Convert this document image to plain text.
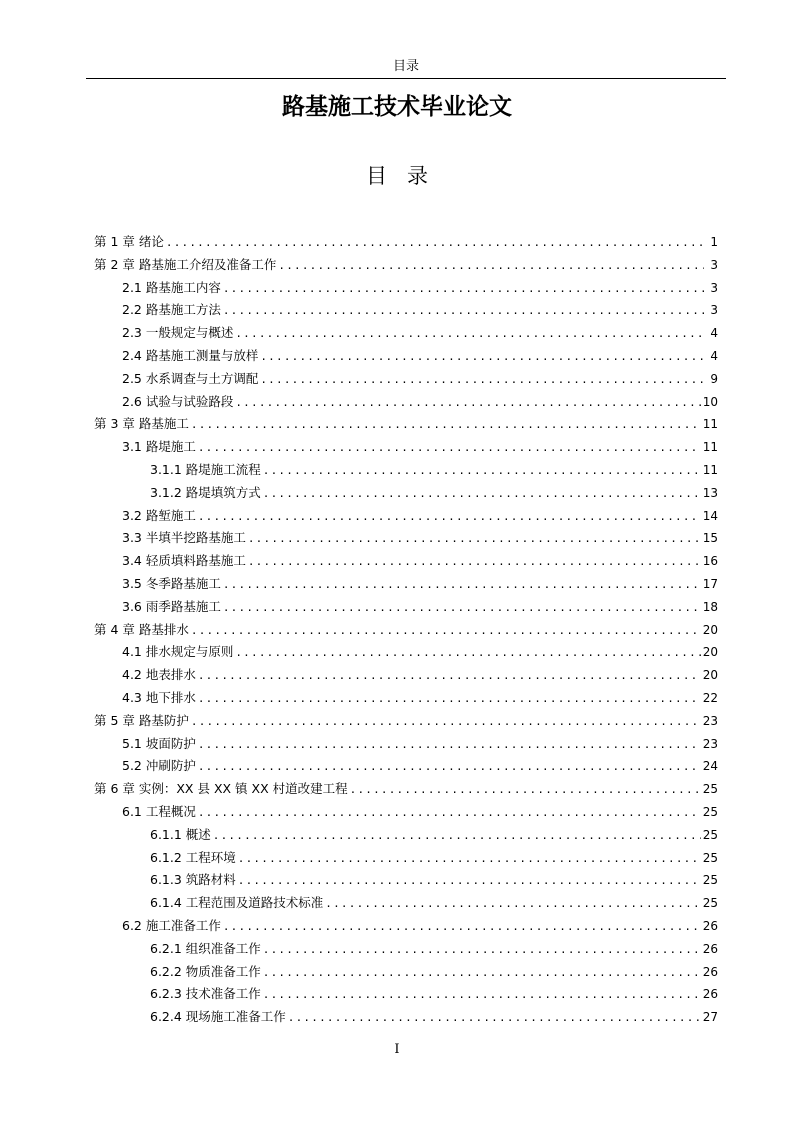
目录
路基施工技术毕业论文
目录
第 1 章 绪论 .....	1
第 2 章 路基施工介绍及准备工作 .....	3
2.1 路基施工内容 .....	3
2.2 路基施工方法 .....	3
2.3 一般规定与概述 .....	4
2.4 路基施工测量与放样 .....	4
2.5 水系调查与土方调配 .....	9
2.6 试验与试验路段 .....	10
第 3 章 路基施工 .....	11
3.1 路堤施工 .....	11
3.1.1 路堤施工流程 .....	11
3.1.2 路堤填筑方式 .....	13
3.2 路堑施工 .....	14
3.3 半填半挖路基施工 .....	15
3.4 轻质填料路基施工 .....	16
3.5 冬季路基施工 .....	17
3.6 雨季路基施工 .....	18
第 4 章 路基排水 .....	20
4.1 排水规定与原则 .....	20
4.2 地表排水 .....	20
4.3 地下排水 .....	22
第 5 章 路基防护 .....	23
5.1 坡面防护 .....	23
5.2 冲刷防护 .....	24
第 6 章 实例：XX 县 XX 镇 XX 村道改建工程 .....	25
6.1 工程概况 .....	25
6.1.1 概述 .....	25
6.1.2 工程环境 .....	25
6.1.3 筑路材料 .....	25
6.1.4 工程范围及道路技术标准 .....	25
6.2 施工准备工作 .....	26
6.2.1 组织准备工作 .....	26
6.2.2 物质准备工作 .....	26
6.2.3 技术准备工作 .....	26
6.2.4 现场施工准备工作 .....	27
I
